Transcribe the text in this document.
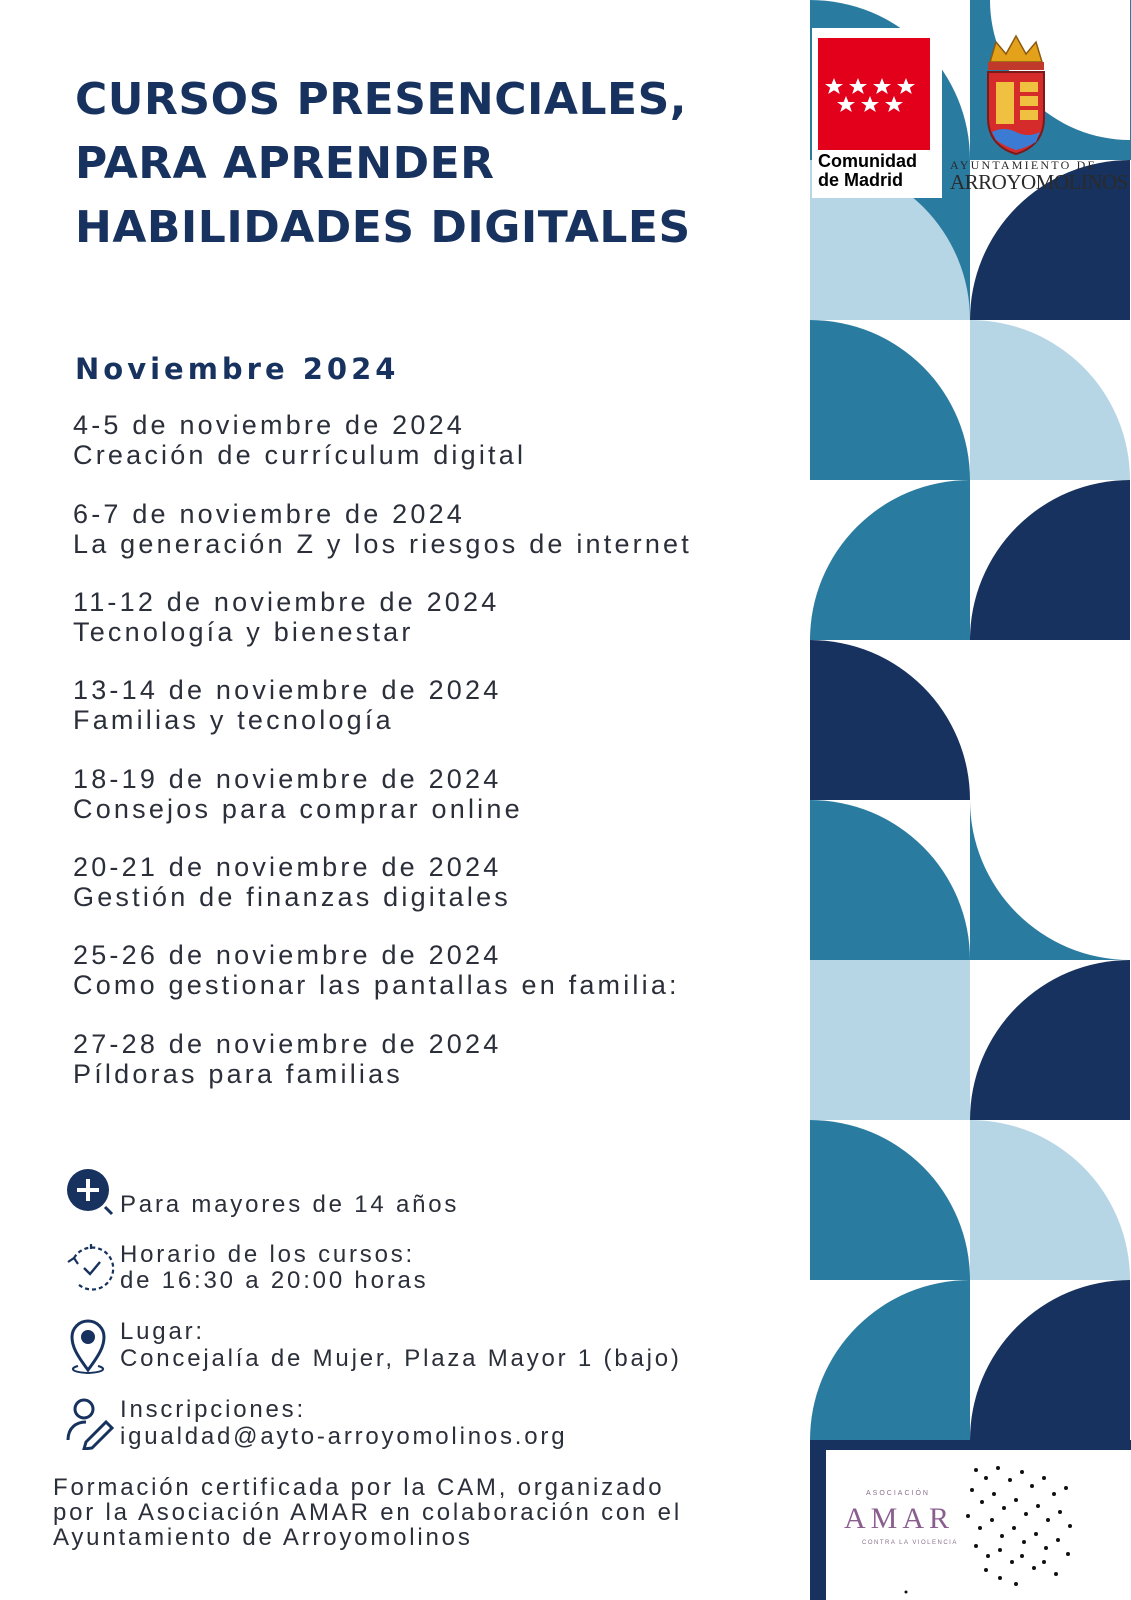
CURSOS PRESENCIALES,
PARA APRENDER
HABILIDADES DIGITALES
Noviembre 2024
4-5 de noviembre de 2024
Creación de currículum digital
6-7 de noviembre de 2024
La generación Z y los riesgos de internet
11-12 de noviembre de 2024
Tecnología y bienestar
13-14 de noviembre de 2024
Familias y tecnología
18-19 de noviembre de 2024
Consejos para comprar online
20-21 de noviembre de 2024
Gestión de finanzas digitales
25-26 de noviembre de 2024
Como gestionar las pantallas en familia:
27-28 de noviembre de 2024
Píldoras para familias
Para mayores de 14 años
Horario de los cursos:
de 16:30 a 20:00 horas
Lugar:
Concejalía de Mujer, Plaza Mayor 1 (bajo)
Inscripciones:
igualdad@ayto-arroyomolinos.org
Formación certificada por la CAM, organizado
por la Asociación AMAR en colaboración con el
Ayuntamiento de Arroyomolinos
Comunidad
de Madrid
AYUNTAMIENTO DE
ARROYOMOLINOS
ASOCIACIÓN
AMAR
CONTRA LA VIOLENCIA
